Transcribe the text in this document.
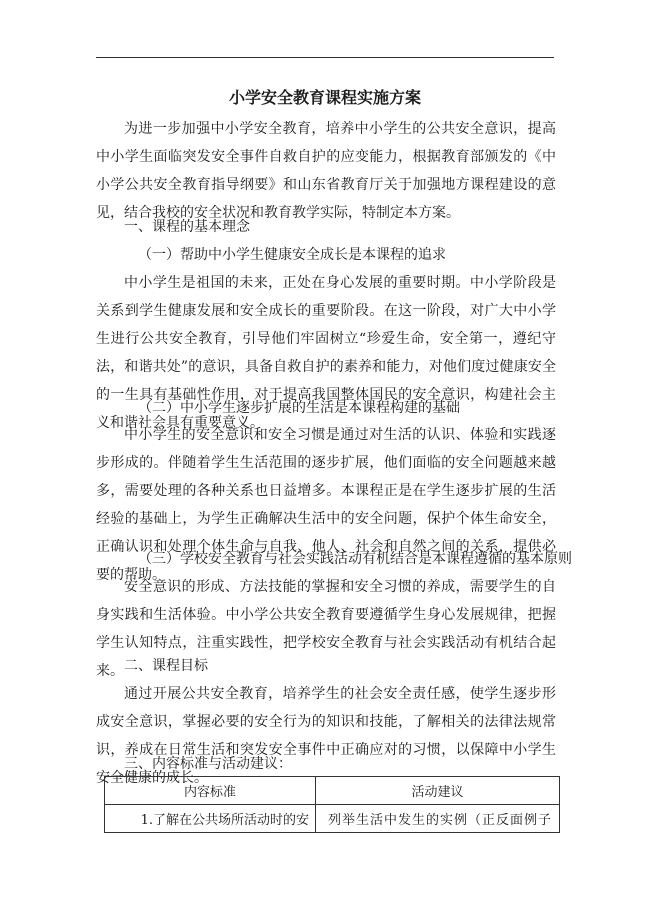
小学安全教育课程实施方案

为进一步加强中小学安全教育，培养中小学生的公共安全意识，提高中小学生面临突发安全事件自救自护的应变能力，根据教育部颁发的《中小学公共安全教育指导纲要》和山东省教育厅关于加强地方课程建设的意见，结合我校的安全状况和教育教学实际，特制定本方案。

一、课程的基本理念

（一）帮助中小学生健康安全成长是本课程的追求

中小学生是祖国的未来，正处在身心发展的重要时期。中小学阶段是关系到学生健康发展和安全成长的重要阶段。在这一阶段，对广大中小学生进行公共安全教育，引导他们牢固树立“珍爱生命，安全第一，遵纪守法，和谐共处”的意识，具备自救自护的素养和能力，对他们度过健康安全的一生具有基础性作用，对于提高我国整体国民的安全意识，构建社会主义和谐社会具有重要意义。

（二）中小学生逐步扩展的生活是本课程构建的基础

中小学生的安全意识和安全习惯是通过对生活的认识、体验和实践逐步形成的。伴随着学生生活范围的逐步扩展，他们面临的安全问题越来越多，需要处理的各种关系也日益增多。本课程正是在学生逐步扩展的生活经验的基础上，为学生正确解决生活中的安全问题，保护个体生命安全，正确认识和处理个体生命与自我、他人、社会和自然之间的关系，提供必要的帮助。

（三）学校安全教育与社会实践活动有机结合是本课程遵循的基本原则

安全意识的形成、方法技能的掌握和安全习惯的养成，需要学生的自身实践和生活体验。中小学公共安全教育要遵循学生身心发展规律，把握学生认知特点，注重实践性，把学校安全教育与社会实践活动有机结合起来。 二、课程目标

通过开展公共安全教育，培养学生的社会安全责任感，使学生逐步形成安全意识，掌握必要的安全行为的知识和技能，了解相关的法律法规常识，养成在日常生活和突发安全事件中正确应对的习惯，以保障中小学生安全健康的成长。

三、内容标准与活动建议：

内容标准	活动建议
1.了解在公共场所活动时的安	列举生活中发生的实例（正反面例子
